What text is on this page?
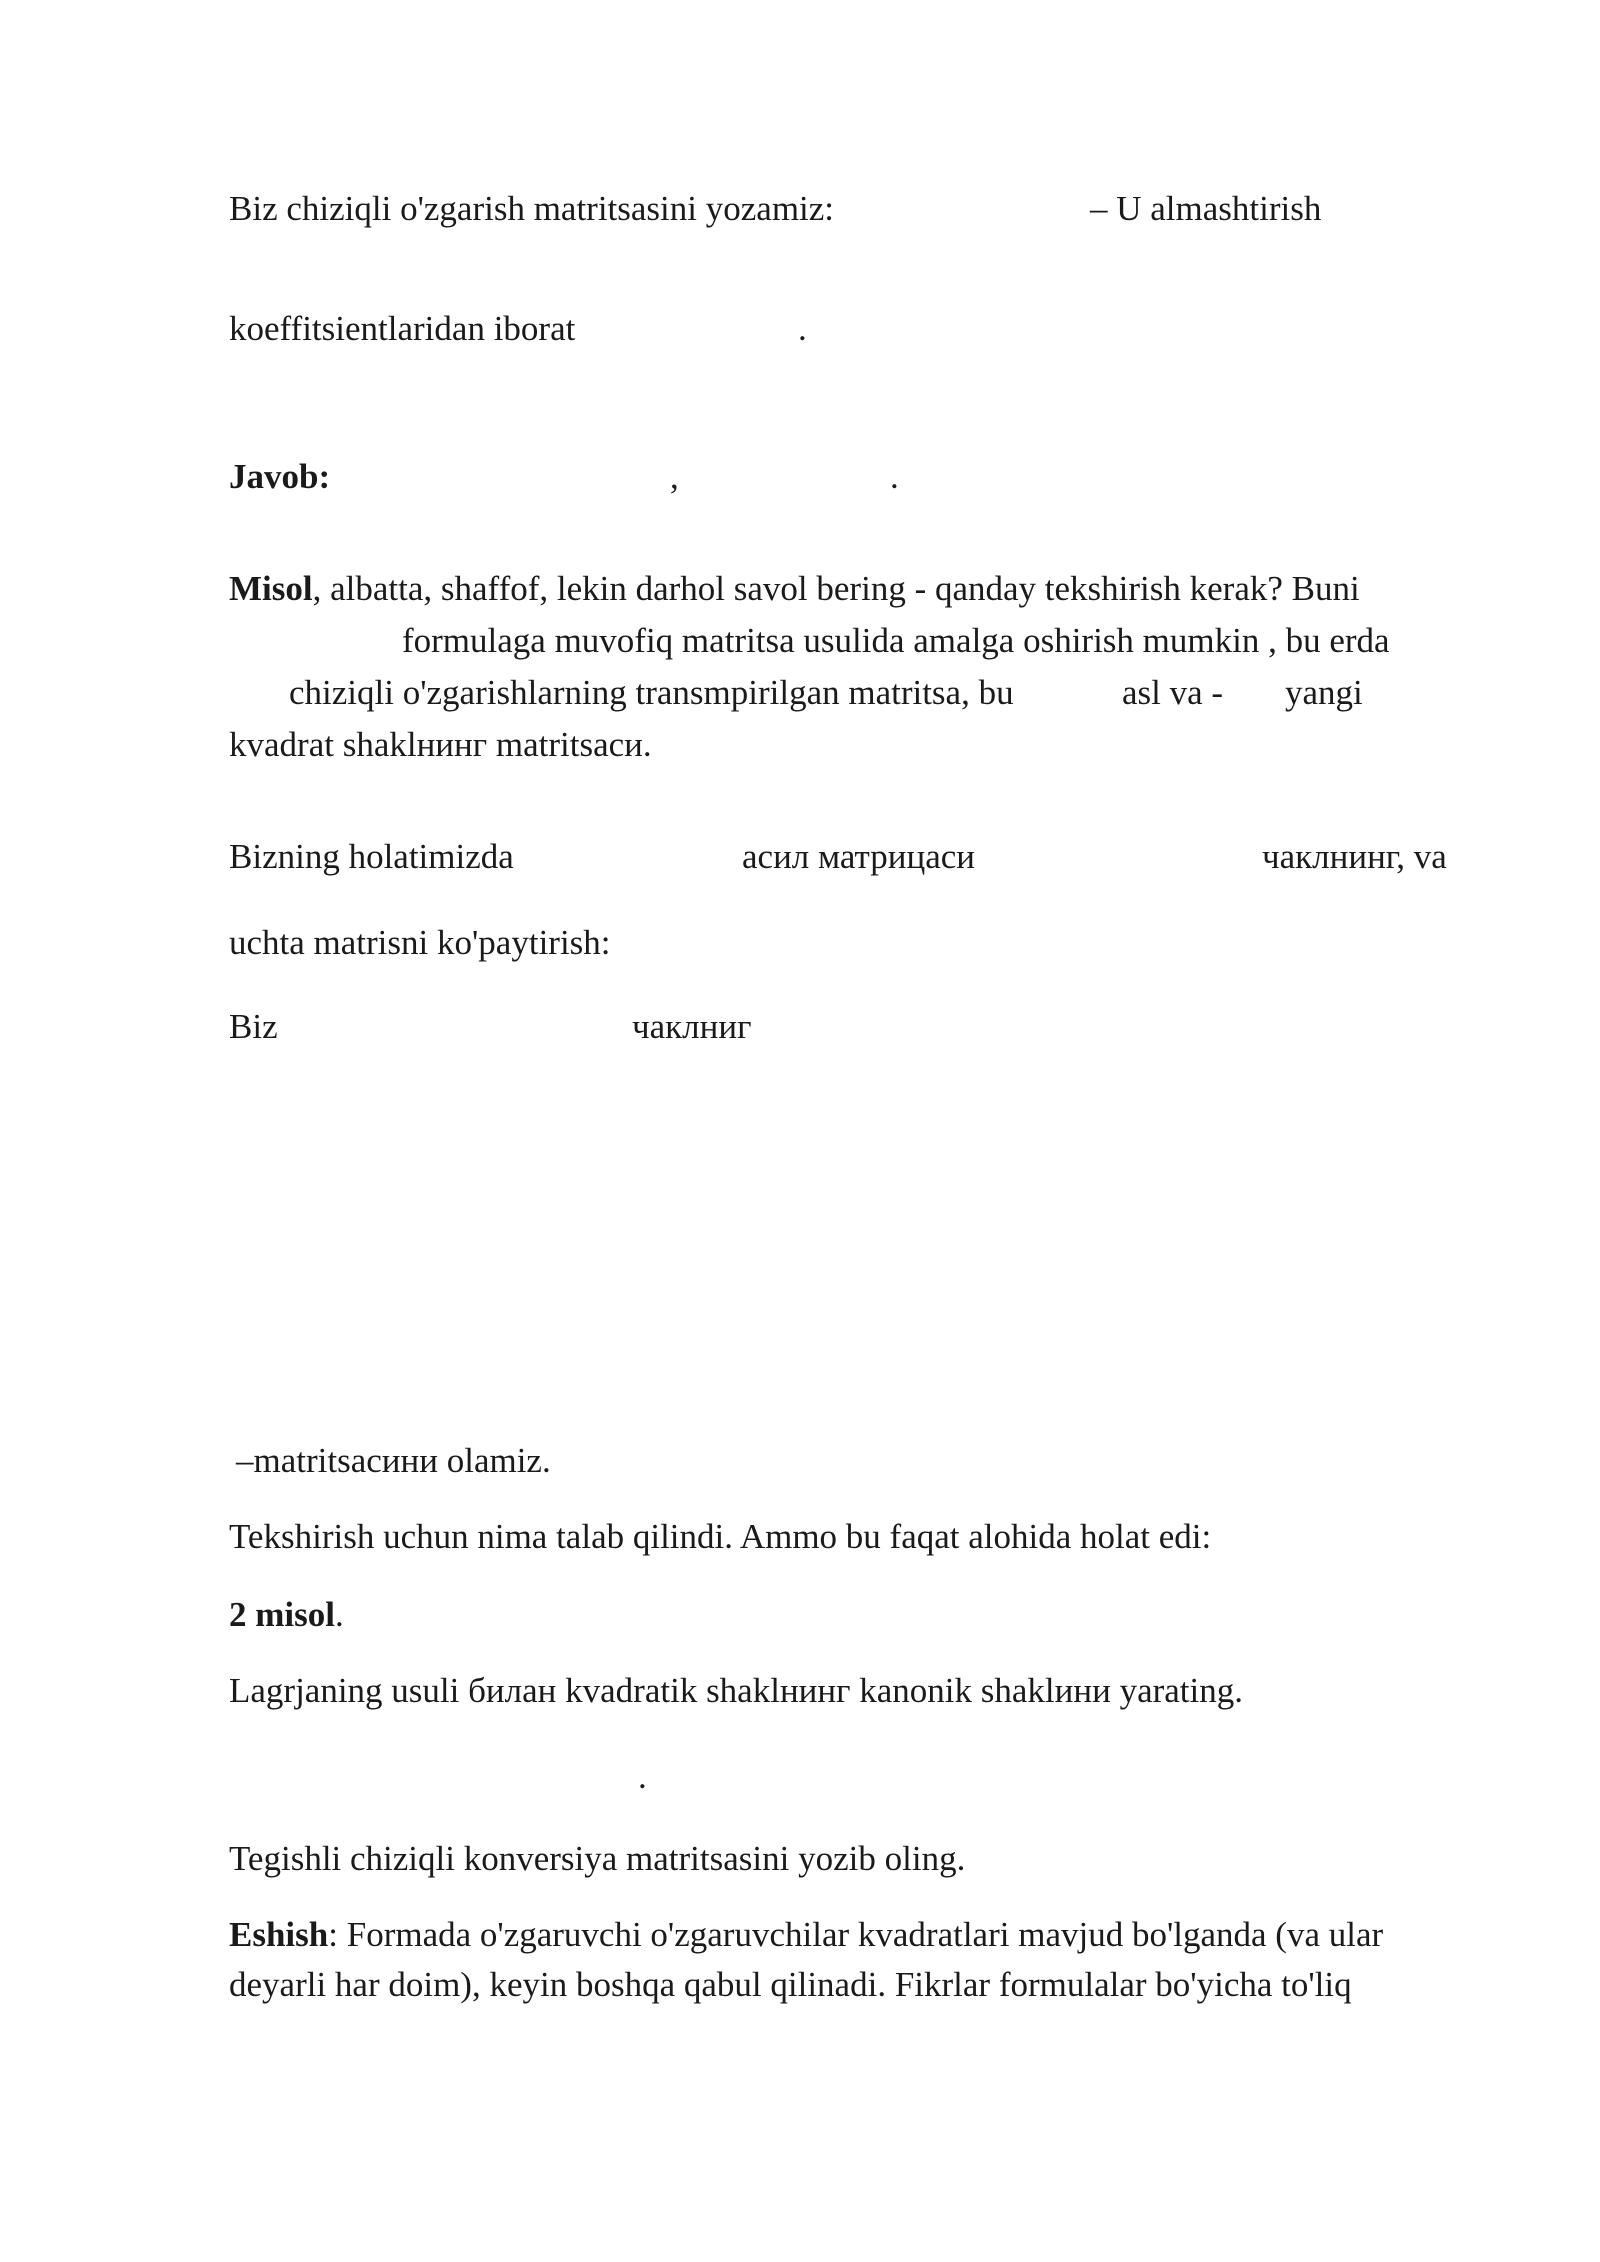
Biz chiziqli o'zgarish matritsasini yozamiz:	– U almashtirish
koeffitsientlaridan iborat	.
Javob:	,	.
Misol, albatta, shaffof, lekin darhol savol bering - qanday tekshirish kerak? Buni
formulaga muvofiq matritsa usulida amalga oshirish mumkin , bu erda
chiziqli o'zgarishlarning transmpirilgan matritsa, bu	asl va - yangi
kvadrat shaklнинг matritsaси.
Bizning holatimizda	асил матрицаси	чаклнинг, va
uchta matrisni ko'paytirish:
Biz	чаклниг
–matritsaсини olamiz.
Tekshirish uchun nima talab qilindi. Ammo bu faqat alohida holat edi:
2 misol.
Lagrjaning usuli билан kvadratik shaklнинг kanonik shaklини yarating.
.
Tegishli chiziqli konversiya matritsasini yozib oling.
Eshish: Formada o'zgaruvchi o'zgaruvchilar kvadratlari mavjud bo'lganda (va ular
deyarli har doim), keyin boshqa qabul qilinadi. Fikrlar formulalar bo'yicha to'liq
